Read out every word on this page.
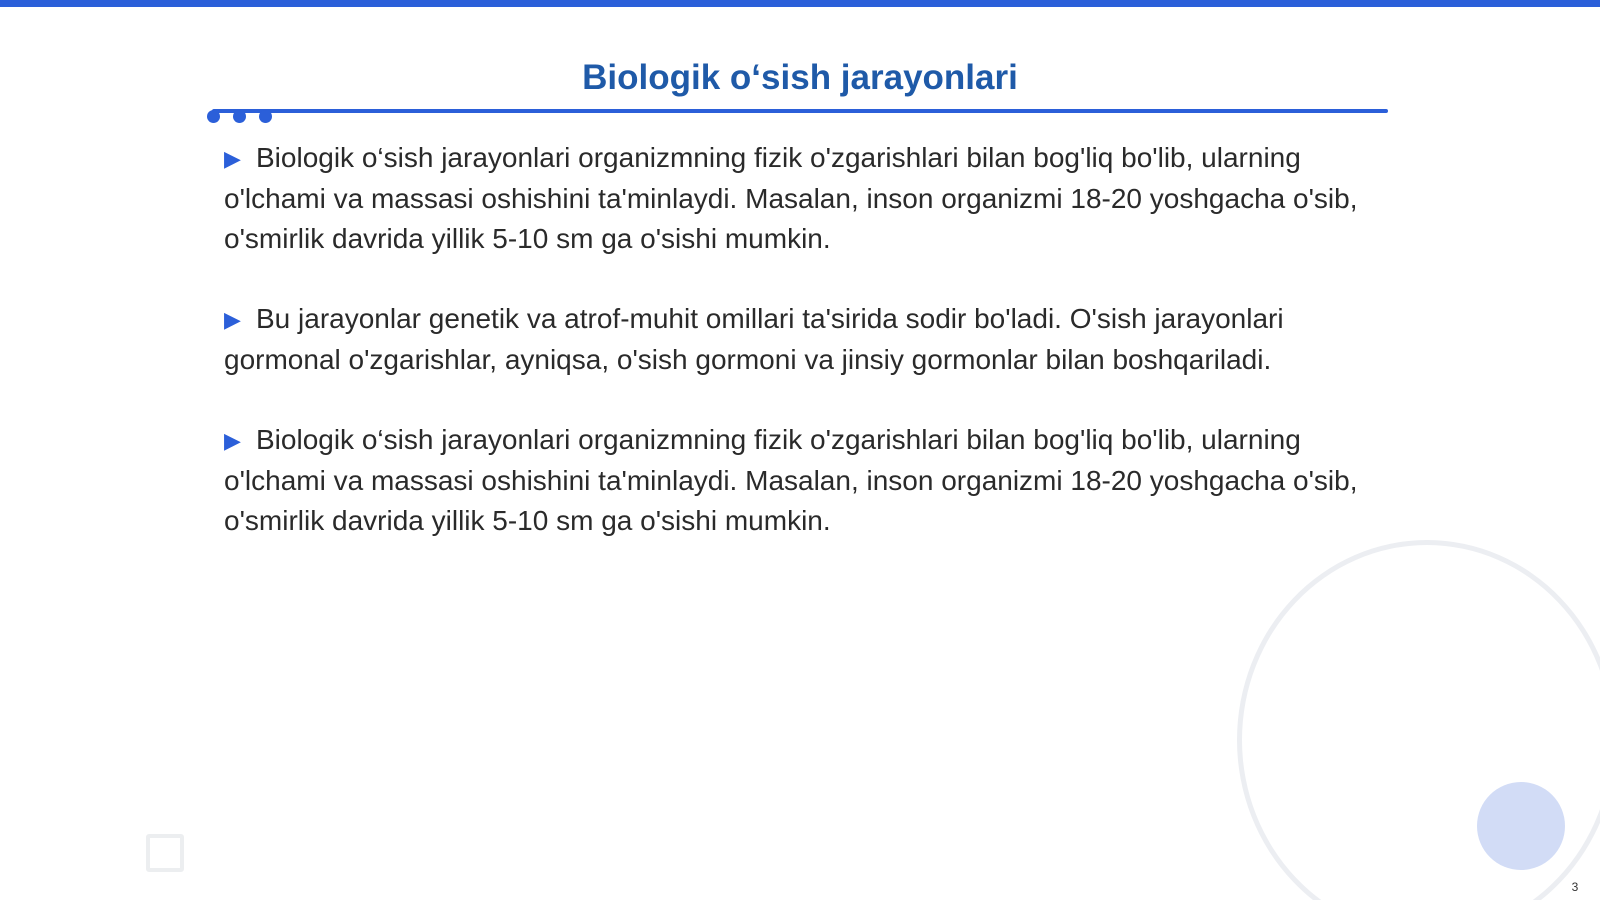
Biologik o‘sish jarayonlari

▶ Biologik o‘sish jarayonlari organizmning fizik o'zgarishlari bilan bog'liq bo'lib, ularning o'lchami va massasi oshishini ta'minlaydi. Masalan, inson organizmi 18-20 yoshgacha o'sib, o'smirlik davrida yillik 5-10 sm ga o'sishi mumkin.

▶ Bu jarayonlar genetik va atrof-muhit omillari ta'sirida sodir bo'ladi. O'sish jarayonlari gormonal o'zgarishlar, ayniqsa, o'sish gormoni va jinsiy gormonlar bilan boshqariladi.

▶ Biologik o‘sish jarayonlari organizmning fizik o'zgarishlari bilan bog'liq bo'lib, ularning o'lchami va massasi oshishini ta'minlaydi. Masalan, inson organizmi 18-20 yoshgacha o'sib, o'smirlik davrida yillik 5-10 sm ga o'sishi mumkin.

3
